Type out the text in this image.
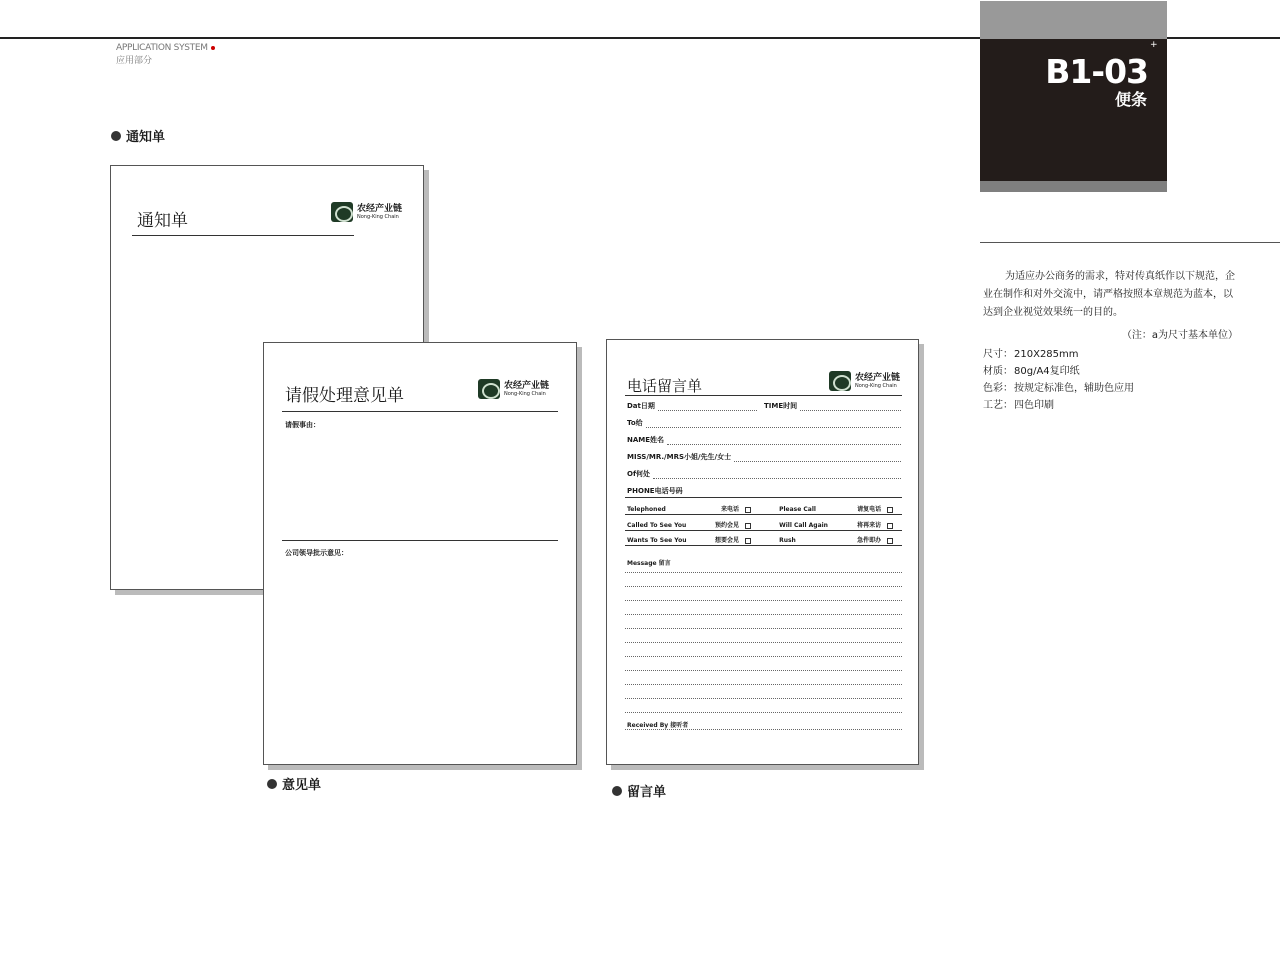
APPLICATION SYSTEM
应用部分
+
B1-03
便条
为适应办公商务的需求，特对传真纸作以下规范，企业在制作和对外交流中，请严格按照本章规范为蓝本，以达到企业视觉效果统一的目的。
（注：a为尺寸基本单位）
尺寸：210X285mm
材质：80g/A4复印纸
色彩：按规定标准色，辅助色应用
工艺：四色印刷
通知单
意见单	留言单
通知单
农经产业链
Nong-King Chain
请假处理意见单
农经产业链
Nong-King Chain
请假事由：
公司领导批示意见：
电话留言单	农经产业链
Nong-King Chain
Dat日期	TIME时间
To给
NAME姓名
MISS/MR./MRS小姐/先生/女士
Of何处
PHONE电话号码
Telephoned	来电话	Please Call	请复电话
Called To See You	预约会见	Will Call Again	将再来访
Wants To See You	想要会见	Rush	急件即办
Message 留言
Received By 接听者
